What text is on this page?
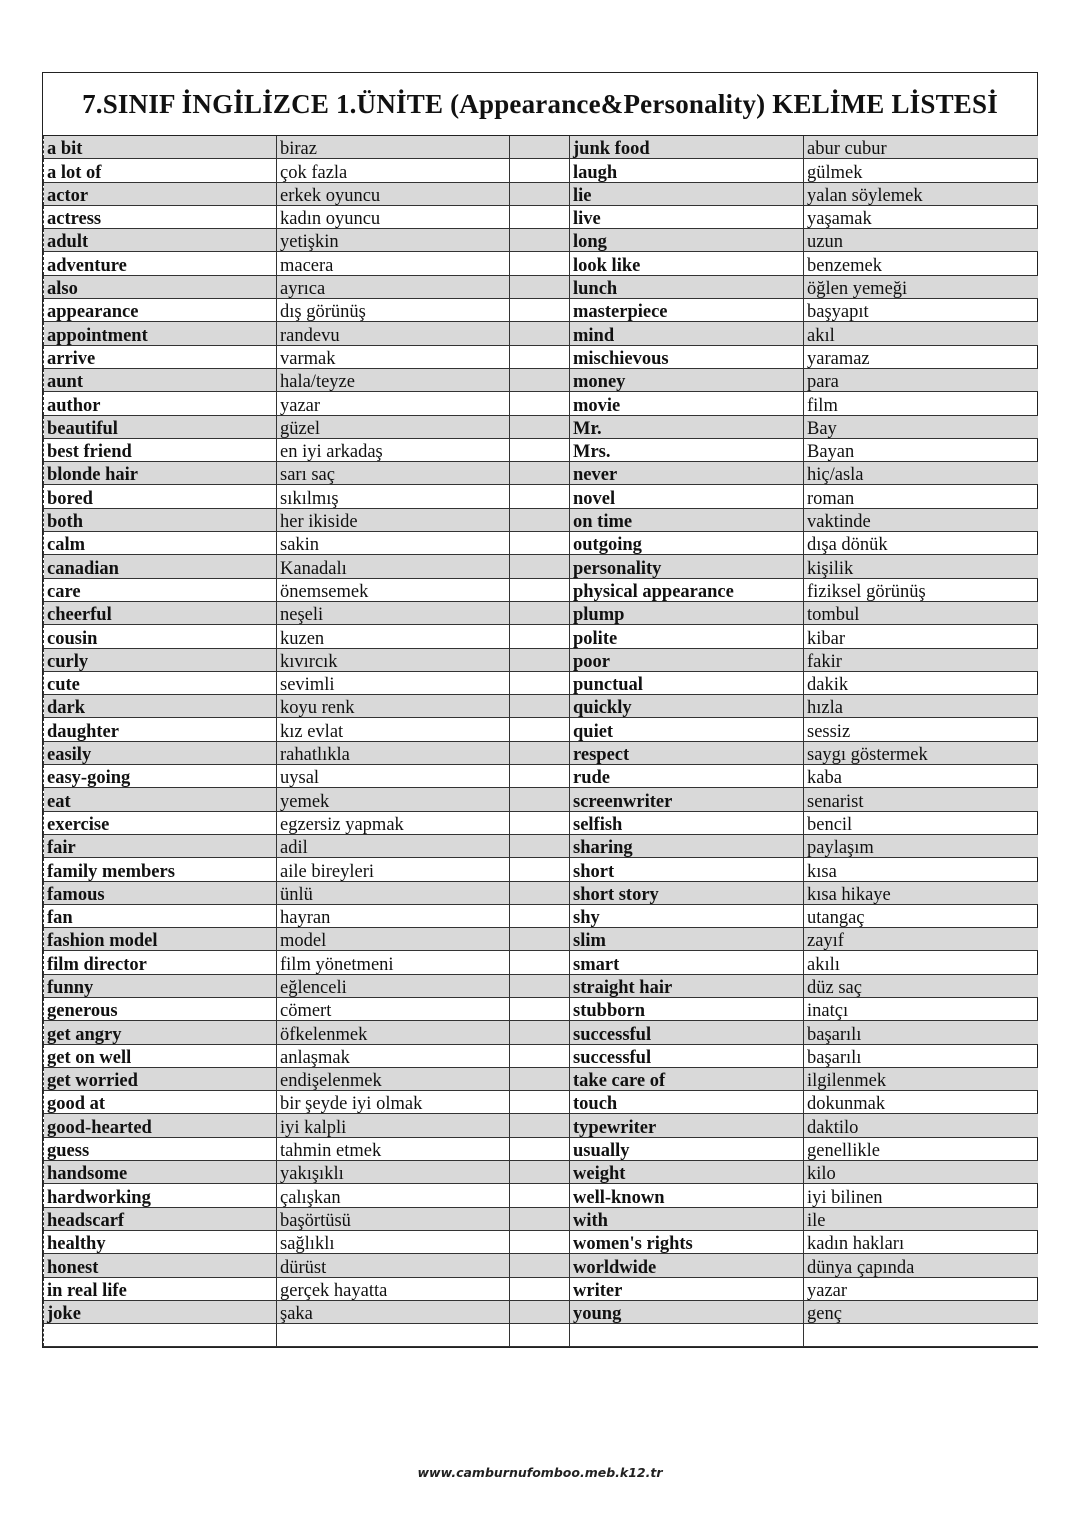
7.SINIF İNGİLİZCE 1.ÜNİTE (Appearance&Personality) KELİME LİSTESİ
a bit	biraz		junk food	abur cubur
a lot of	çok fazla		laugh	gülmek
actor	erkek oyuncu		lie	yalan söylemek
actress	kadın oyuncu		live	yaşamak
adult	yetişkin		long	uzun
adventure	macera		look like	benzemek
also	ayrıca		lunch	öğlen yemeği
appearance	dış görünüş		masterpiece	başyapıt
appointment	randevu		mind	akıl
arrive	varmak		mischievous	yaramaz
aunt	hala/teyze		money	para
author	yazar		movie	film
beautiful	güzel		Mr.	Bay
best friend	en iyi arkadaş		Mrs.	Bayan
blonde hair	sarı saç		never	hiç/asla
bored	sıkılmış		novel	roman
both	her ikiside		on time	vaktinde
calm	sakin		outgoing	dışa dönük
canadian	Kanadalı		personality	kişilik
care	önemsemek		physical appearance	fiziksel görünüş
cheerful	neşeli		plump	tombul
cousin	kuzen		polite	kibar
curly	kıvırcık		poor	fakir
cute	sevimli		punctual	dakik
dark	koyu renk		quickly	hızla
daughter	kız evlat		quiet	sessiz
easily	rahatlıkla		respect	saygı göstermek
easy-going	uysal		rude	kaba
eat	yemek		screenwriter	senarist
exercise	egzersiz yapmak		selfish	bencil
fair	adil		sharing	paylaşım
family members	aile bireyleri		short	kısa
famous	ünlü		short story	kısa hikaye
fan	hayran		shy	utangaç
fashion model	model		slim	zayıf
film director	film yönetmeni		smart	akılı
funny	eğlenceli		straight hair	düz saç
generous	cömert		stubborn	inatçı
get angry	öfkelenmek		successful	başarılı
get on well	anlaşmak		successful	başarılı
get worried	endişelenmek		take care of	ilgilenmek
good at	bir şeyde iyi olmak		touch	dokunmak
good-hearted	iyi kalpli		typewriter	daktilo
guess	tahmin etmek		usually	genellikle
handsome	yakışıklı		weight	kilo
hardworking	çalışkan		well-known	iyi bilinen
headscarf	başörtüsü		with	ile
healthy	sağlıklı		women's rights	kadın hakları
honest	dürüst		worldwide	dünya çapında
in real life	gerçek hayatta		writer	yazar
joke	şaka		young	genç

www.camburnufomboo.meb.k12.tr
